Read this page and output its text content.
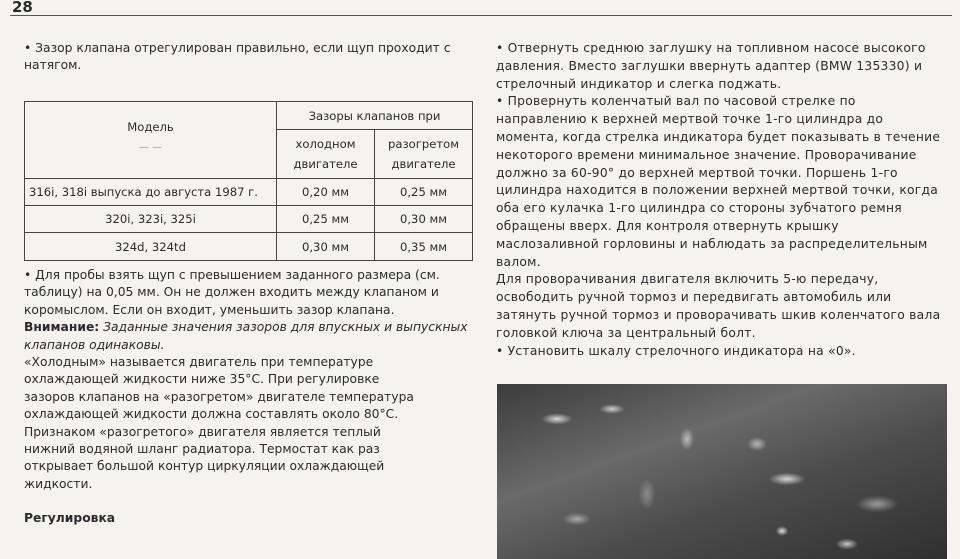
28

• Зазор клапана отрегулирован правильно, если щуп проходит с натягом.

Модель
— —	Зазоры клапанов при	
	холодном двигателе	разогретом двигателе
316i, 318i выпуска до августа 1987 г.	0,20 мм	0,25 мм
320i, 323i, 325i	0,25 мм	0,30 мм
324d, 324td	0,30 мм	0,35 мм

• Для пробы взять щуп с превышением заданного размера (см. таблицу) на 0,05 мм. Он не должен входить между клапаном и коромыслом. Если он входит, уменьшить зазор клапана.

Внимание: Заданные значения зазоров для впускных и выпускных клапанов одинаковы.

«Холодным» называется двигатель при температуре
охлаждающей жидкости ниже 35°С. При регулировке
зазоров клапанов на «разогретом» двигателе температура
охлаждающей жидкости должна составлять около 80°С.
Признаком «разогретого» двигателя является теплый
нижний водяной шланг радиатора. Термостат как раз
открывает большой контур циркуляции охлаждающей
жидкости.

Регулировка

• Отвернуть среднюю заглушку на топливном насосе высокого давления. Вместо заглушки ввернуть адаптер (BMW 135330) и стрелочный индикатор и слегка поджать.

• Провернуть коленчатый вал по часовой стрелке по направлению к верхней мертвой точке 1-го цилиндра до момента, когда стрелка индикатора будет показывать в течение некоторого времени минимальное значение. Проворачивание должно за 60-90° до верхней мертвой точки. Поршень 1-го цилиндра находится в положении верхней мертвой точки, когда оба его кулачка 1-го цилиндра со стороны зубчатого ремня обращены вверх. Для контроля отвернуть крышку маслозаливной горловины и наблюдать за распределительным валом.

Для проворачивания двигателя включить 5-ю передачу, освободить ручной тормоз и передвигать автомобиль или затянуть ручной тормоз и проворачивать шкив коленчатого вала головкой ключа за центральный болт.

• Установить шкалу стрелочного индикатора на «0».
